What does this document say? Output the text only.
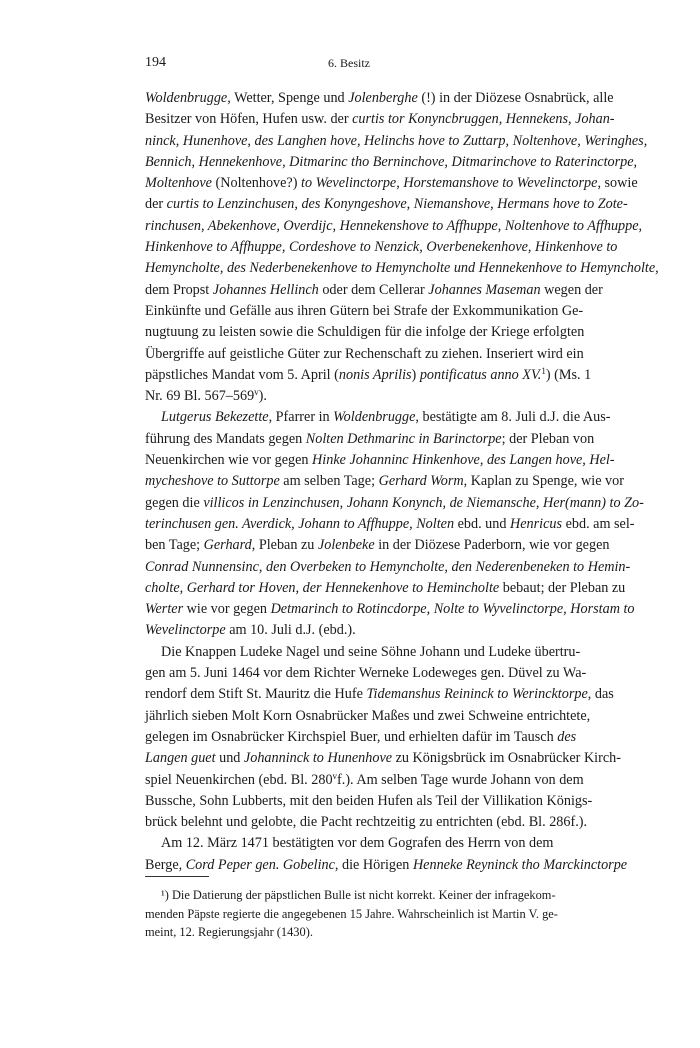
194	6. Besitz
Woldenbrugge, Wetter, Spenge und Jolenberghe (!) in der Diözese Osnabrück, alle
Besitzer von Höfen, Hufen usw. der curtis tor Konyncbruggen, Hennekens, Johan-
ninck, Hunenhove, des Langhen hove, Helinchs hove to Zuttarp, Noltenhove, Weringhes,
Bennich, Hennekenhove, Ditmarinc tho Berninchove, Ditmarinchove to Raterinctorpe,
Moltenhove (Noltenhove?) to Wevelinctorpe, Horstemanshove to Wevelinctorpe, sowie
der curtis to Lenzinchusen, des Konyngeshove, Niemanshove, Hermans hove to Zote-
rinchusen, Abekenhove, Overdijc, Hennekenshove to Affhuppe, Noltenhove to Affhuppe,
Hinkenhove to Affhuppe, Cordeshove to Nenzick, Overbenekenhove, Hinkenhove to
Hemyncholte, des Nederbenekenhove to Hemyncholte und Hennekenhove to Hemyncholte,
dem Propst Johannes Hellinch oder dem Cellerar Johannes Maseman wegen der
Einkünfte und Gefälle aus ihren Gütern bei Strafe der Exkommunikation Ge-
nugtuung zu leisten sowie die Schuldigen für die infolge der Kriege erfolgten
Übergriffe auf geistliche Güter zur Rechenschaft zu ziehen. Inseriert wird ein
päpstliches Mandat vom 5. April (nonis Aprilis) pontificatus anno XV.$^1$) (Ms. 1
Nr. 69 Bl. 567–569$^v$).
Lutgerus Bekezette, Pfarrer in Woldenbrugge, bestätigte am 8. Juli d.J. die Aus-
führung des Mandats gegen Nolten Dethmarinc in Barinctorpe; der Pleban von
Neuenkirchen wie vor gegen Hinke Johanninc Hinkenhove, des Langen hove, Hel-
mycheshove to Suttorpe am selben Tage; Gerhard Worm, Kaplan zu Spenge, wie vor
gegen die villicos in Lenzinchusen, Johann Konynch, de Niemansche, Her(mann) to Zo-
terinchusen gen. Averdick, Johann to Affhuppe, Nolten ebd. und Henricus ebd. am sel-
ben Tage; Gerhard, Pleban zu Jolenbeke in der Diözese Paderborn, wie vor gegen
Conrad Nunnensinc, den Overbeken to Hemyncholte, den Nederenbeneken to Hemin-
cholte, Gerhard tor Hoven, der Hennekenhove to Hemincholte bebaut; der Pleban zu
Werter wie vor gegen Detmarinch to Rotincdorpe, Nolte to Wyvelinctorpe, Horstam to
Wevelinctorpe am 10. Juli d.J. (ebd.).
Die Knappen Ludeke Nagel und seine Söhne Johann und Ludeke übertru-
gen am 5. Juni 1464 vor dem Richter Werneke Lodeweges gen. Düvel zu Wa-
rendorf dem Stift St. Mauritz die Hufe Tidemanshus Reininck to Werincktorpe, das
jährlich sieben Molt Korn Osnabrücker Maßes und zwei Schweine entrichtete,
gelegen im Osnabrücker Kirchspiel Buer, und erhielten dafür im Tausch des
Langen guet und Johanninck to Hunenhove zu Königsbrück im Osnabrücker Kirch-
spiel Neuenkirchen (ebd. Bl. 280$^v$f.). Am selben Tage wurde Johann von dem
Bussche, Sohn Lubberts, mit den beiden Hufen als Teil der Villikation Königs-
brück belehnt und gelobte, die Pacht rechtzeitig zu entrichten (ebd. Bl. 286f.).
Am 12. März 1471 bestätigten vor dem Gografen des Herrn von dem
Berge, Cord Peper gen. Gobelinc, die Hörigen Henneke Reyninck tho Marckinctorpe
¹) Die Datierung der päpstlichen Bulle ist nicht korrekt. Keiner der infragekom-
menden Päpste regierte die angegebenen 15 Jahre. Wahrscheinlich ist Martin V. ge-
meint, 12. Regierungsjahr (1430).
